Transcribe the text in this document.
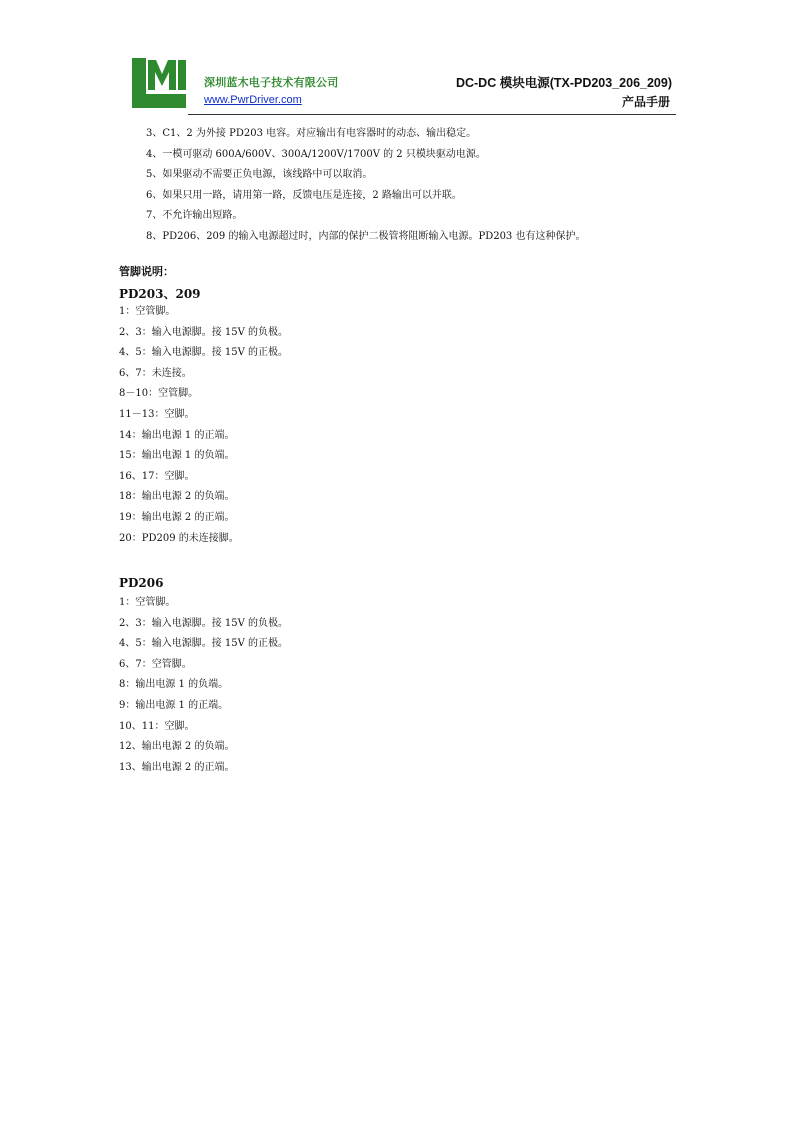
深圳蓝木电子技术有限公司
www.PwrDriver.com
DC-DC 模块电源(TX-PD203_206_209)
产品手册
3、C1、2 为外接 PD203 电容。对应输出有电容器时的动态、输出稳定。
4、一模可驱动 600A/600V、300A/1200V/1700V 的 2 只模块驱动电源。
5、如果驱动不需要正负电源，该线路中可以取消。
6、如果只用一路，请用第一路，反馈电压是连接，2 路输出可以并联。
7、不允许输出短路。
8、PD206、209 的输入电源超过时，内部的保护二极管将阻断输入电源。PD203 也有这种保护。
管脚说明：
PD203、209
1：空管脚。
2、3：输入电源脚。接 15V 的负极。
4、5：输入电源脚。接 15V 的正极。
6、7：未连接。
8－10：空管脚。
11－13：空脚。
14：输出电源 1 的正端。
15：输出电源 1 的负端。
16、17：空脚。
18：输出电源 2 的负端。
19：输出电源 2 的正端。
20：PD209 的未连接脚。
PD206
1：空管脚。
2、3：输入电源脚。接 15V 的负极。
4、5：输入电源脚。接 15V 的正极。
6、7：空管脚。
8：输出电源 1 的负端。
9：输出电源 1 的正端。
10、11：空脚。
12、输出电源 2 的负端。
13、输出电源 2 的正端。
